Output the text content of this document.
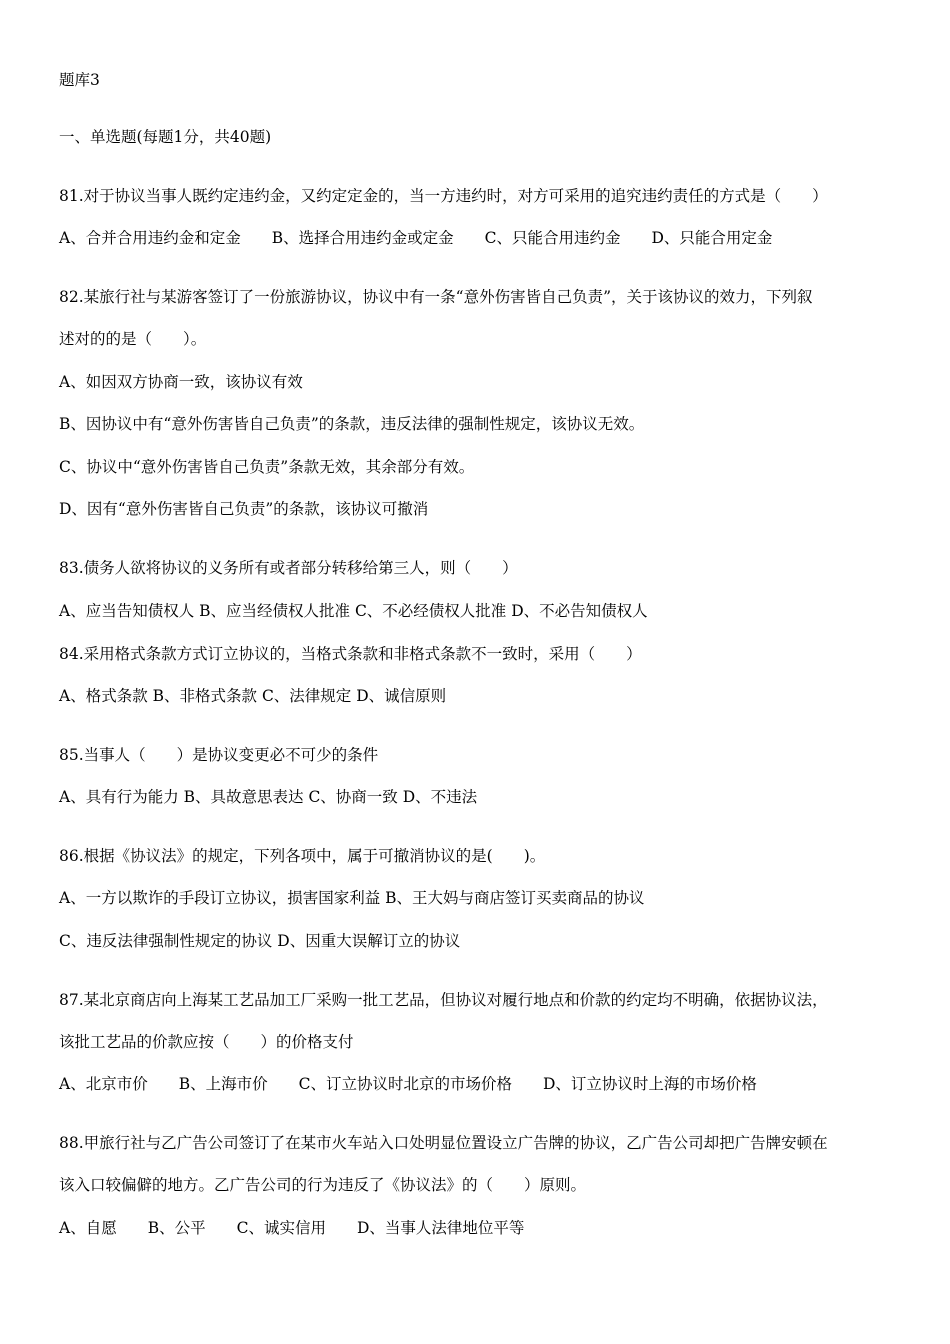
题库3
一、单选题(每题1分，共40题)
81.对于协议当事人既约定违约金，又约定定金的，当一方违约时，对方可采用的追究违约责任的方式是（　　）
A、合并合用违约金和定金　　B、选择合用违约金或定金　　C、只能合用违约金　　D、只能合用定金
82.某旅行社与某游客签订了一份旅游协议，协议中有一条“意外伤害皆自己负责”，关于该协议的效力，下列叙
述对的的是（　　）。
A、如因双方协商一致，该协议有效
B、因协议中有“意外伤害皆自己负责”的条款，违反法律的强制性规定，该协议无效。
C、协议中“意外伤害皆自己负责”条款无效，其余部分有效。
D、因有“意外伤害皆自己负责”的条款，该协议可撤消
83.债务人欲将协议的义务所有或者部分转移给第三人，则（　　）
A、应当告知债权人 B、应当经债权人批准 C、不必经债权人批准 D、不必告知债权人
84.采用格式条款方式订立协议的，当格式条款和非格式条款不一致时，采用（　　）
A、格式条款 B、非格式条款 C、法律规定 D、诚信原则
85.当事人（　　）是协议变更必不可少的条件
A、具有行为能力 B、具故意思表达 C、协商一致 D、不违法
86.根据《协议法》的规定，下列各项中，属于可撤消协议的是(　　)。
A、一方以欺诈的手段订立协议，损害国家利益 B、王大妈与商店签订买卖商品的协议
C、违反法律强制性规定的协议 D、因重大误解订立的协议
87.某北京商店向上海某工艺品加工厂采购一批工艺品，但协议对履行地点和价款的约定均不明确，依据协议法，
该批工艺品的价款应按（　　）的价格支付
A、北京市价　　B、上海市价　　C、订立协议时北京的市场价格　　D、订立协议时上海的市场价格
88.甲旅行社与乙广告公司签订了在某市火车站入口处明显位置设立广告牌的协议，乙广告公司却把广告牌安顿在
该入口较偏僻的地方。乙广告公司的行为违反了《协议法》的（　　）原则。
A、自愿　　B、公平　　C、诚实信用　　D、当事人法律地位平等
